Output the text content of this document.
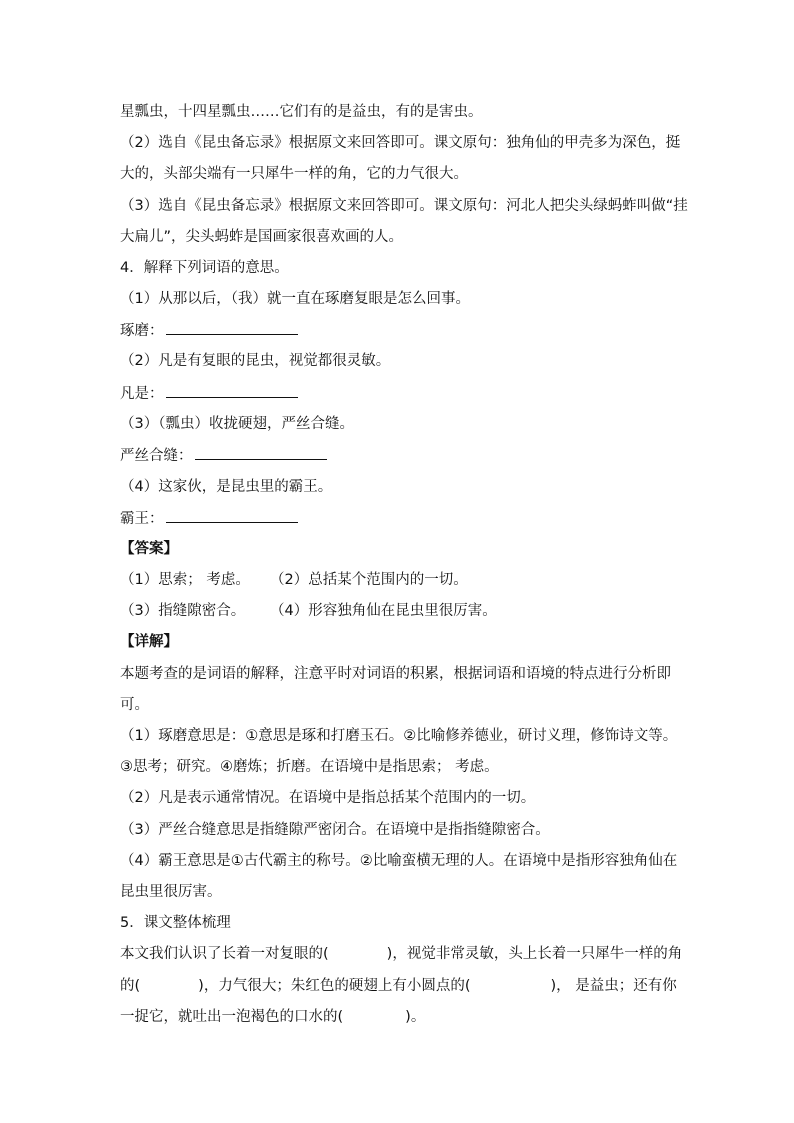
星瓢虫，十四星瓢虫……它们有的是益虫，有的是害虫。
（2）选自《昆虫备忘录》根据原文来回答即可。课文原句：独角仙的甲壳多为深色，挺
大的，头部尖端有一只犀牛一样的角，它的力气很大。
（3）选自《昆虫备忘录》根据原文来回答即可。课文原句：河北人把尖头绿蚂蚱叫做“挂
大扁儿”，尖头蚂蚱是国画家很喜欢画的人。
4．解释下列词语的意思。
（1）从那以后，（我）就一直在琢磨复眼是怎么回事。
琢磨：
（2）凡是有复眼的昆虫，视觉都很灵敏。
凡是：
（3）（瓢虫）收拢硬翅，严丝合缝。
严丝合缝：
（4）这家伙，是昆虫里的霸王。
霸王：
【答案】
（1）思索； 考虑。 （2）总括某个范围内的一切。
（3）指缝隙密合。 （4）形容独角仙在昆虫里很厉害。
【详解】
本题考查的是词语的解释，注意平时对词语的积累，根据词语和语境的特点进行分析即
可。
（1）琢磨意思是：①意思是琢和打磨玉石。②比喻修养德业，研讨义理，修饰诗文等。
③思考；研究。④磨炼；折磨。在语境中是指思索； 考虑。
（2）凡是表示通常情况。在语境中是指总括某个范围内的一切。
（3）严丝合缝意思是指缝隙严密闭合。在语境中是指指缝隙密合。
（4）霸王意思是①古代霸主的称号。②比喻蛮横无理的人。在语境中是指形容独角仙在
昆虫里很厉害。
5．课文整体梳理
本文我们认识了长着一对复眼的(	)，视觉非常灵敏，头上长着一只犀牛一样的角
的(	)，力气很大；朱红色的硬翅上有小圆点的(	)， 是益虫；还有你
一捉它，就吐出一泡褐色的口水的(	)。
